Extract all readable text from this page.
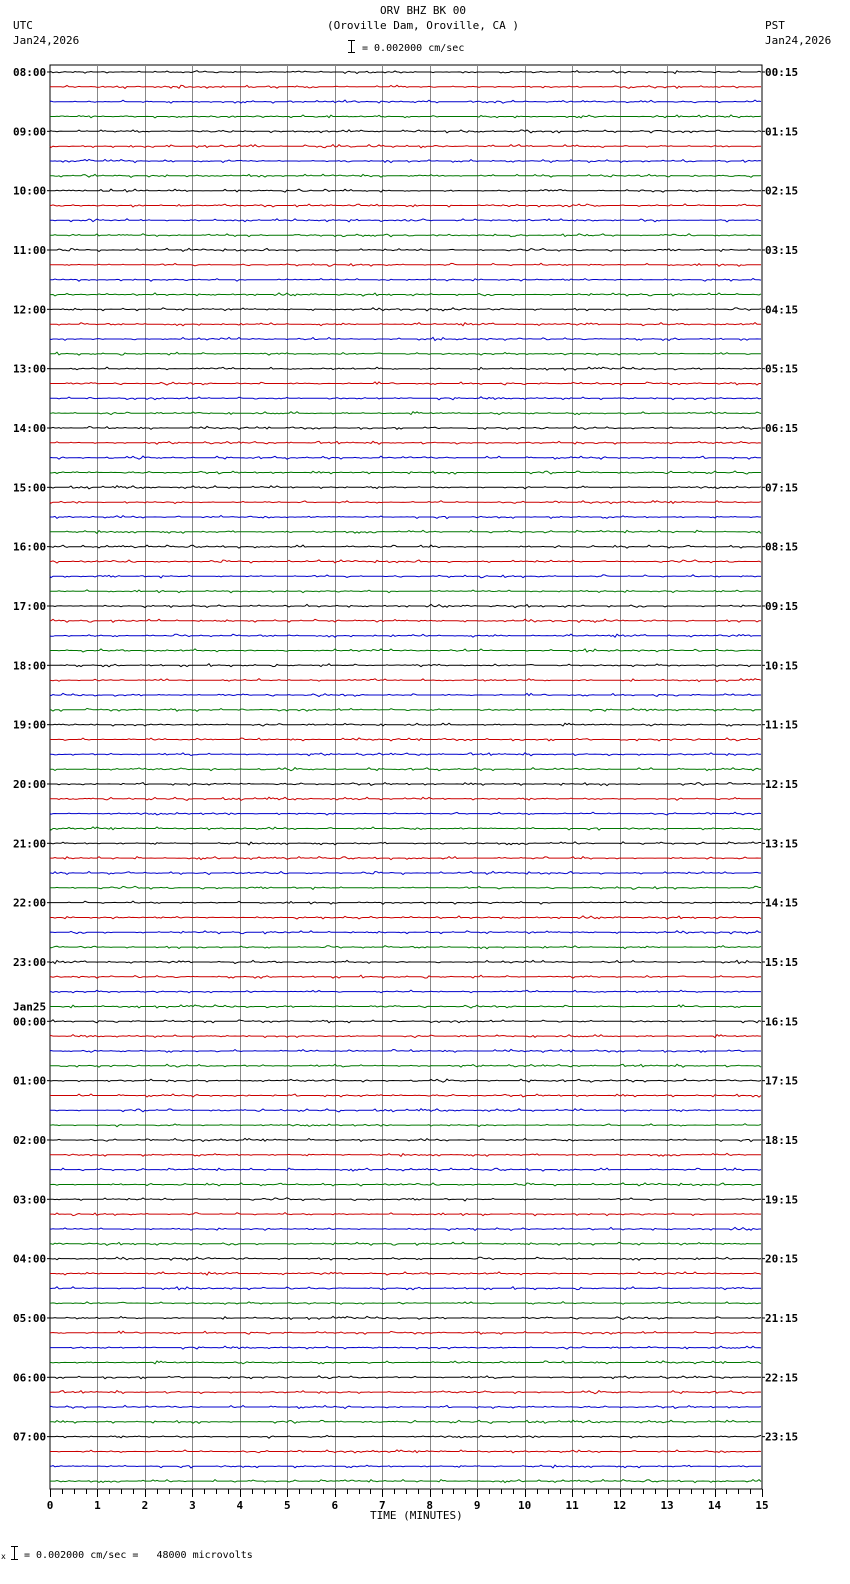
08:00	00:15
09:00	01:15
10:00	02:15
11:00	03:15
12:00	04:15
13:00	05:15
14:00	06:15
15:00	07:15
16:00	08:15
17:00	09:15
18:00	10:15
19:00	11:15
20:00	12:15
21:00	13:15
22:00	14:15
23:00	15:15
00:00	16:15
01:00	17:15
02:00	18:15
03:00	19:15
04:00	20:15
05:00	21:15
06:00	22:15
07:00	23:15
Jan25
0	1	2	3	4	5	6	7	8	9	10	11	12	13	14	15
ORV BHZ BK 00
(Oroville Dam, Oroville, CA )
= 0.002000 cm/sec
UTC
Jan24,2026
PST
Jan24,2026
TIME (MINUTES)
x = 0.002000 cm/sec =   48000 microvolts
